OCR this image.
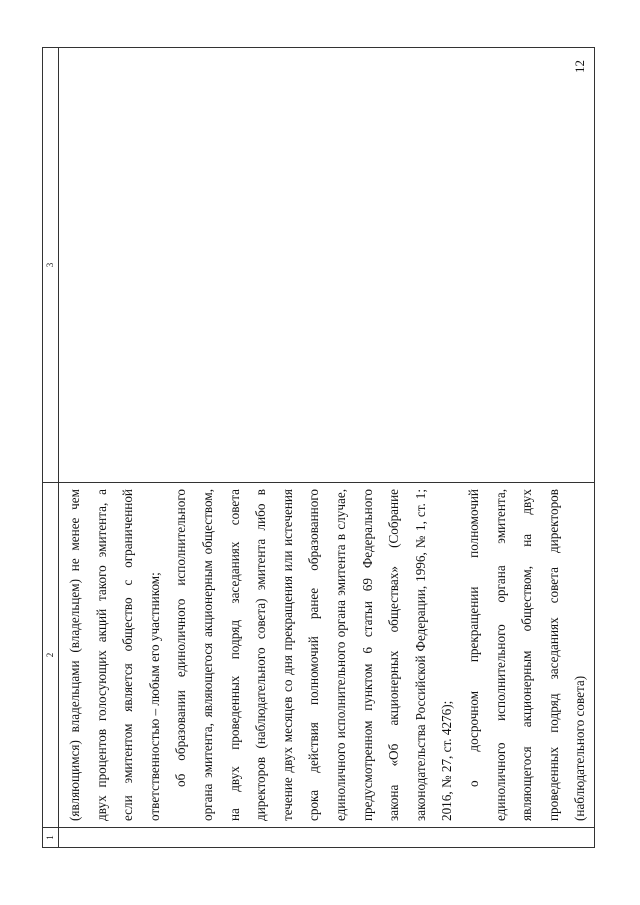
12
1	2	3

	(являющимся) владельцами (владельцем) не менее чем двух процентов голосующих акций такого эмитента, а если эмитентом является общество с ограниченной ответственностью – любым его участником; об образовании единоличного исполнительного органа эмитента, являющегося акционерным обществом, на двух проведенных подряд заседаниях совета директоров (наблюдательного совета) эмитента либо в течение двух месяцев со дня прекращения или истечения срока действия полномочий ранее образованного единоличного исполнительного органа эмитента в случае, предусмотренном пунктом 6 статьи 69 Федерального закона «Об акционерных обществах» (Собрание законодательства Российской Федерации, 1996, № 1, ст. 1; 2016, № 27, ст. 4276); о досрочном прекращении полномочий единоличного исполнительного органа эмитента, являющегося акционерным обществом, на двух проведенных подряд заседаниях совета директоров (наблюдательного совета)	
